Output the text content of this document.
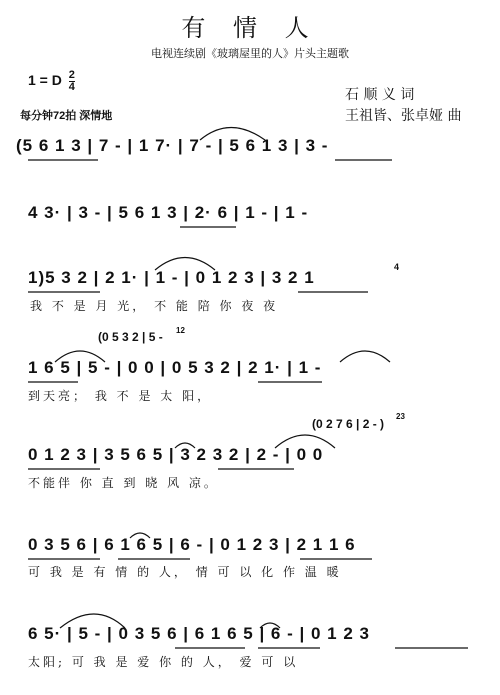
有 情 人
电视连续剧《玻璃屋里的人》片头主题歌
1 = D $\frac{2}{4}$
每分钟72拍 深情地
石 顺 义 词
王祖皆、张卓娅 曲
(5 6 1 3 | 7 - | 1 7· | 7 - | 5 6 1 3 | 3 -
4 3· | 3 - | 5 6 1 3 | 2· 6 | 1 - | 1 -
1)5 3 2 | 2 1· | 1 - | 0 1 2 3 | 3 2 1
我 不 是 月 光， 不 能 陪 你 夜 夜
(0 5 3 2 | 5 -
1 6 5 | 5 - | 0 0 | 0 5 3 2 | 2 1· | 1 -
到天亮； 我 不 是 太 阳，
(0 2 7 6 | 2 - )
0 1 2 3 | 3 5 6 5 | 3 2 3 2 | 2 - | 0 0
不能伴 你 直 到 晓 风 凉。
0 3 5 6 | 6 1 6 5 | 6 - | 0 1 2 3 | 2 1 1 6
可 我 是 有 情 的 人， 情 可 以 化 作 温 暖
6 5· | 5 - | 0 3 5 6 | 6 1 6 5 | 6 - | 0 1 2 3
太阳; 可 我 是 爱 你 的 人， 爱 可 以
4
12
23
